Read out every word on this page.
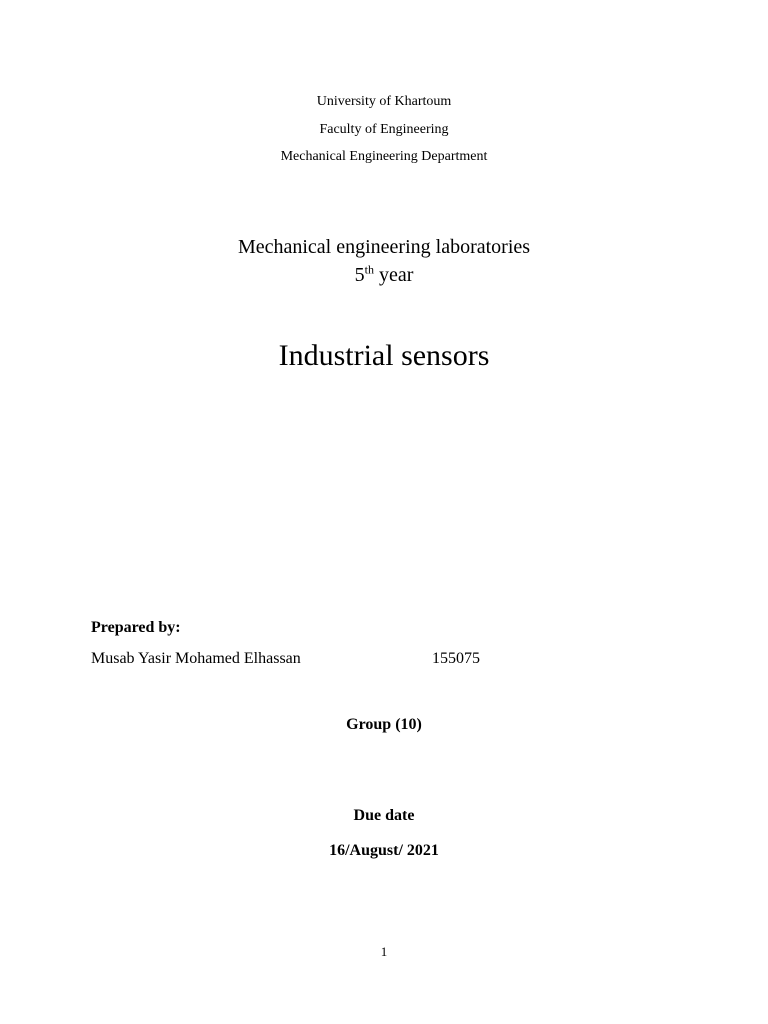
University of Khartoum
Faculty of Engineering
Mechanical Engineering Department
Mechanical engineering laboratories
5th year
Industrial sensors
Prepared by:
Musab Yasir Mohamed Elhassan	155075
Group (10)
Due date
16/August/ 2021
1
